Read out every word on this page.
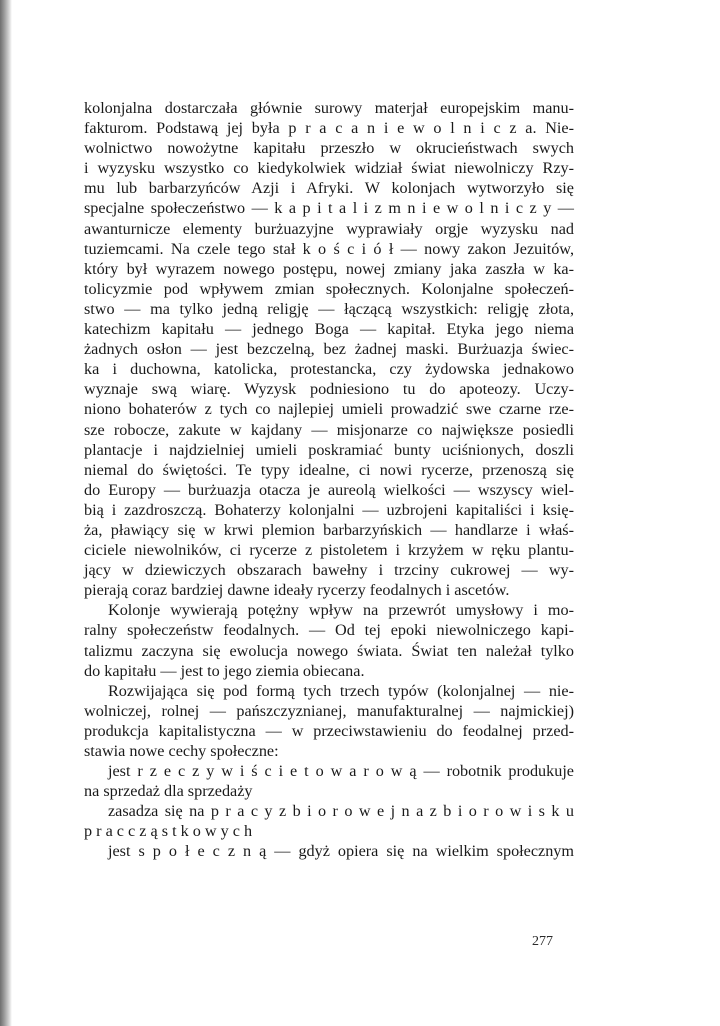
kolonjalna dostarczała głównie surowy materjał europejskim manu-
fakturom. Podstawą jej była p r a c a n i e w o l n i c z a. Nie-
wolnictwo nowożytne kapitału przeszło w okrucieństwach swych
i wyzysku wszystko co kiedykolwiek widział świat niewolniczy Rzy-
mu lub barbarzyńców Azji i Afryki. W kolonjach wytworzyło się
specjalne społeczeństwo — k a p i t a l i z m n i e w o l n i c z y —
awanturnicze elementy burżuazyjne wyprawiały orgje wyzysku nad
tuziemcami. Na czele tego stał k o ś c i ó ł — nowy zakon Jezuitów,
który był wyrazem nowego postępu, nowej zmiany jaka zaszła w ka-
tolicyzmie pod wpływem zmian społecznych. Kolonjalne społeczeń-
stwo — ma tylko jedną religję — łączącą wszystkich: religję złota,
katechizm kapitału — jednego Boga — kapitał. Etyka jego niema
żadnych osłon — jest bezczelną, bez żadnej maski. Burżuazja świec-
ka i duchowna, katolicka, protestancka, czy żydowska jednakowo
wyznaje swą wiarę. Wyzysk podniesiono tu do apoteozy. Uczy-
niono bohaterów z tych co najlepiej umieli prowadzić swe czarne rze-
sze robocze, zakute w kajdany — misjonarze co największe posiedli
plantacje i najdzielniej umieli poskramiać bunty uciśnionych, doszli
niemal do świętości. Te typy idealne, ci nowi rycerze, przenoszą się
do Europy — burżuazja otacza je aureolą wielkości — wszyscy wiel-
bią i zazdroszczą. Bohaterzy kolonjalni — uzbrojeni kapitaliści i księ-
ża, pławiący się w krwi plemion barbarzyńskich — handlarze i właś-
ciciele niewolników, ci rycerze z pistoletem i krzyżem w ręku plantu-
jący w dziewiczych obszarach bawełny i trzciny cukrowej — wy-
pierają coraz bardziej dawne ideały rycerzy feodalnych i ascetów.
Kolonje wywierają potężny wpływ na przewrót umysłowy i mo-
ralny społeczeństw feodalnych. — Od tej epoki niewolniczego kapi-
talizmu zaczyna się ewolucja nowego świata. Świat ten należał tylko
do kapitału — jest to jego ziemia obiecana.
Rozwijająca się pod formą tych trzech typów (kolonjalnej — nie-
wolniczej, rolnej — pańszczyznianej, manufakturalnej — najmickiej)
produkcja kapitalistyczna — w przeciwstawieniu do feodalnej przed-
stawia nowe cechy społeczne:
jest r z e c z y w i ś c i e t o w a r o w ą — robotnik produkuje
na sprzedaż dla sprzedaży
zasadza się na p r a c y z b i o r o w e j n a z b i o r o w i s k u
p r a c c z ą s t k o w y c h
jest s p o ł e c z n ą — gdyż opiera się na wielkim społecznym
277
